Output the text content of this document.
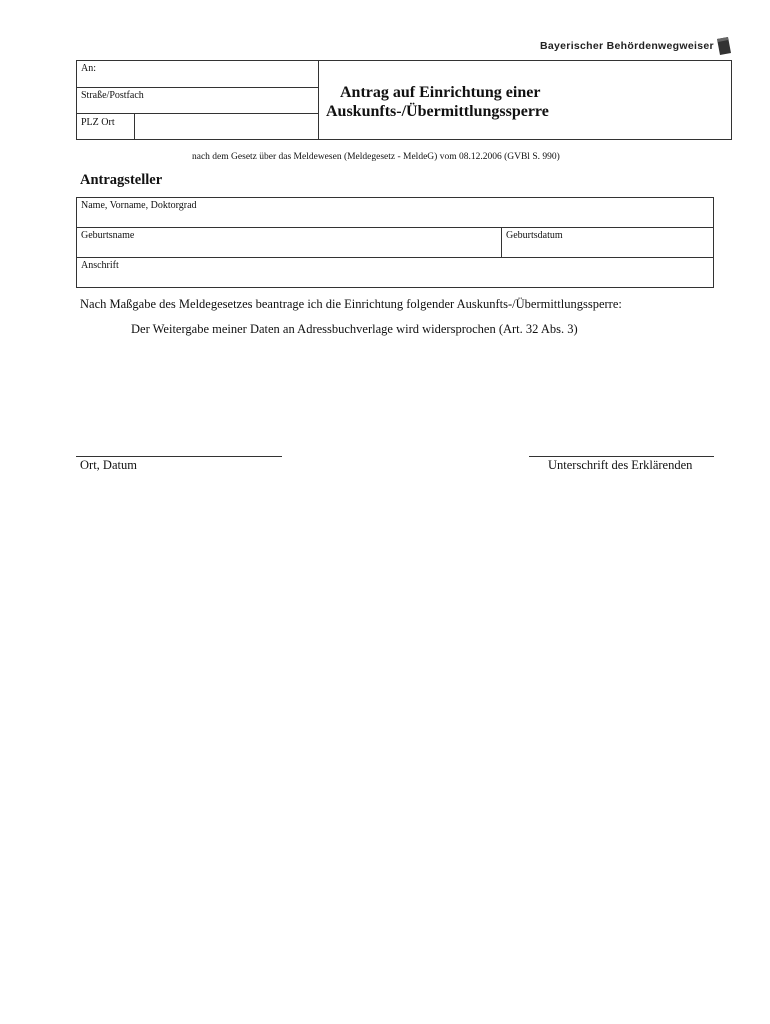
Bayerischer Behördenwegweiser
An:
Straße/Postfach
PLZ Ort
Antrag auf Einrichtung einer
Auskunfts-/Übermittlungssperre
nach dem Gesetz über das Meldewesen (Meldegesetz - MeldeG) vom 08.12.2006 (GVBl S. 990)
Antragsteller
Name, Vorname, Doktorgrad
Geburtsname	Geburtsdatum
Anschrift
Nach Maßgabe des Meldegesetzes beantrage ich die Einrichtung folgender Auskunfts-/Übermittlungssperre:
Der Weitergabe meiner Daten an Adressbuchverlage wird widersprochen (Art. 32 Abs. 3)
Ort, Datum	Unterschrift des Erklärenden
